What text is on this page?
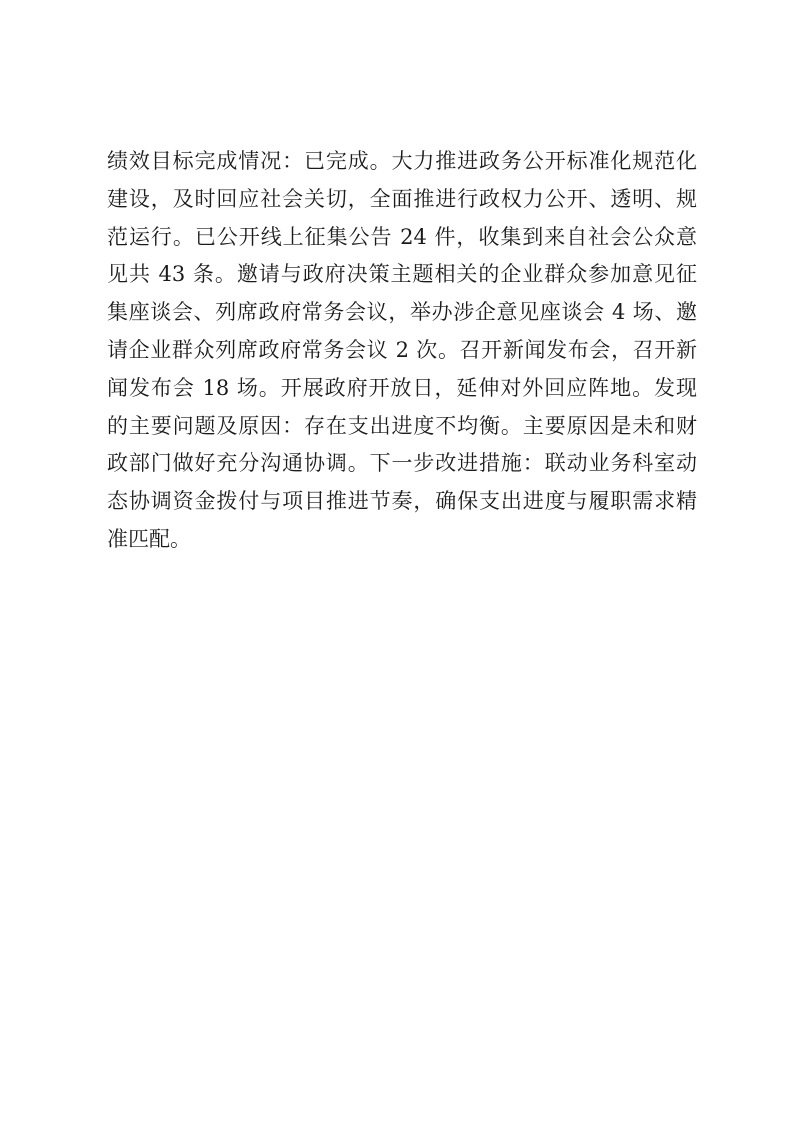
绩效目标完成情况：已完成。大力推进政务公开标准化规范化
建设，及时回应社会关切，全面推进行政权力公开、透明、规
范运行。已公开线上征集公告 24 件，收集到来自社会公众意
见共 43 条。邀请与政府决策主题相关的企业群众参加意见征
集座谈会、列席政府常务会议，举办涉企意见座谈会 4 场、邀
请企业群众列席政府常务会议 2 次。召开新闻发布会，召开新
闻发布会 18 场。开展政府开放日，延伸对外回应阵地。发现
的主要问题及原因：存在支出进度不均衡。主要原因是未和财
政部门做好充分沟通协调。下一步改进措施：联动业务科室动
态协调资金拨付与项目推进节奏，确保支出进度与履职需求精
准匹配。
